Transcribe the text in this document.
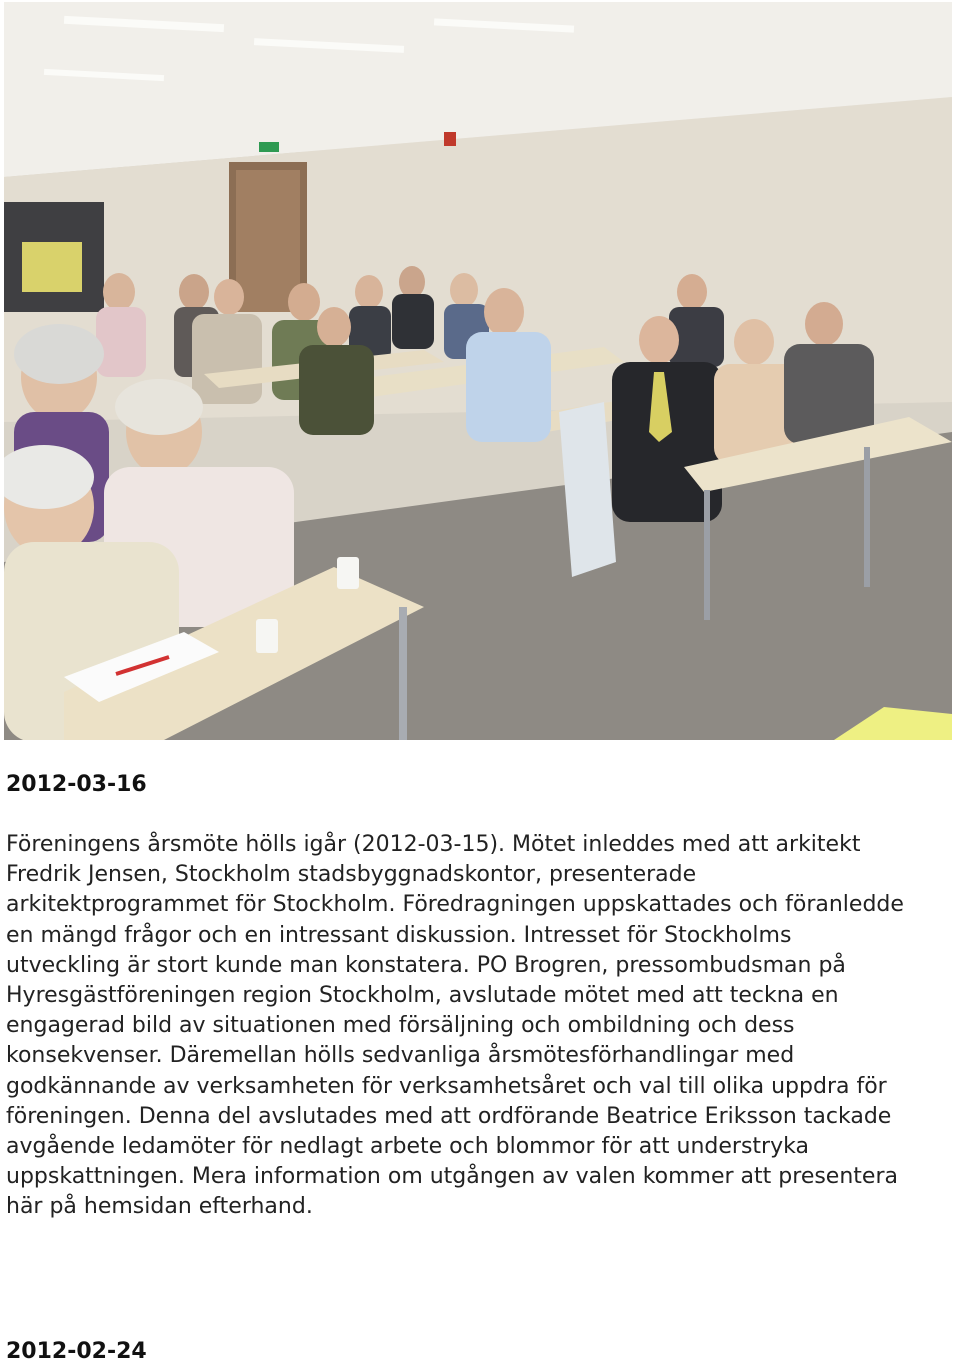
2012-03-16

Föreningens årsmöte hölls igår (2012-03-15). Mötet inleddes med att arkitekt Fredrik Jensen, Stockholm stadsbyggnadskontor, presenterade arkitektprogrammet för Stockholm. Föredragningen uppskattades och föranledde en mängd frågor och en intressant diskussion. Intresset för Stockholms utveckling är stort kunde man konstatera. PO Brogren, pressombudsman på Hyresgästföreningen region Stockholm, avslutade mötet med att teckna en engagerad bild av situationen med försäljning och ombildning och dess konsekvenser. Däremellan hölls sedvanliga årsmötesförhandlingar med godkännande av verksamheten för verksamhetsåret och val till olika uppdra för föreningen. Denna del avslutades med att ordförande Beatrice Eriksson tackade avgående ledamöter för nedlagt arbete och blommor för att understryka uppskattningen. Mera information om utgången av valen kommer att presentera här på hemsidan efterhand.

2012-02-24
